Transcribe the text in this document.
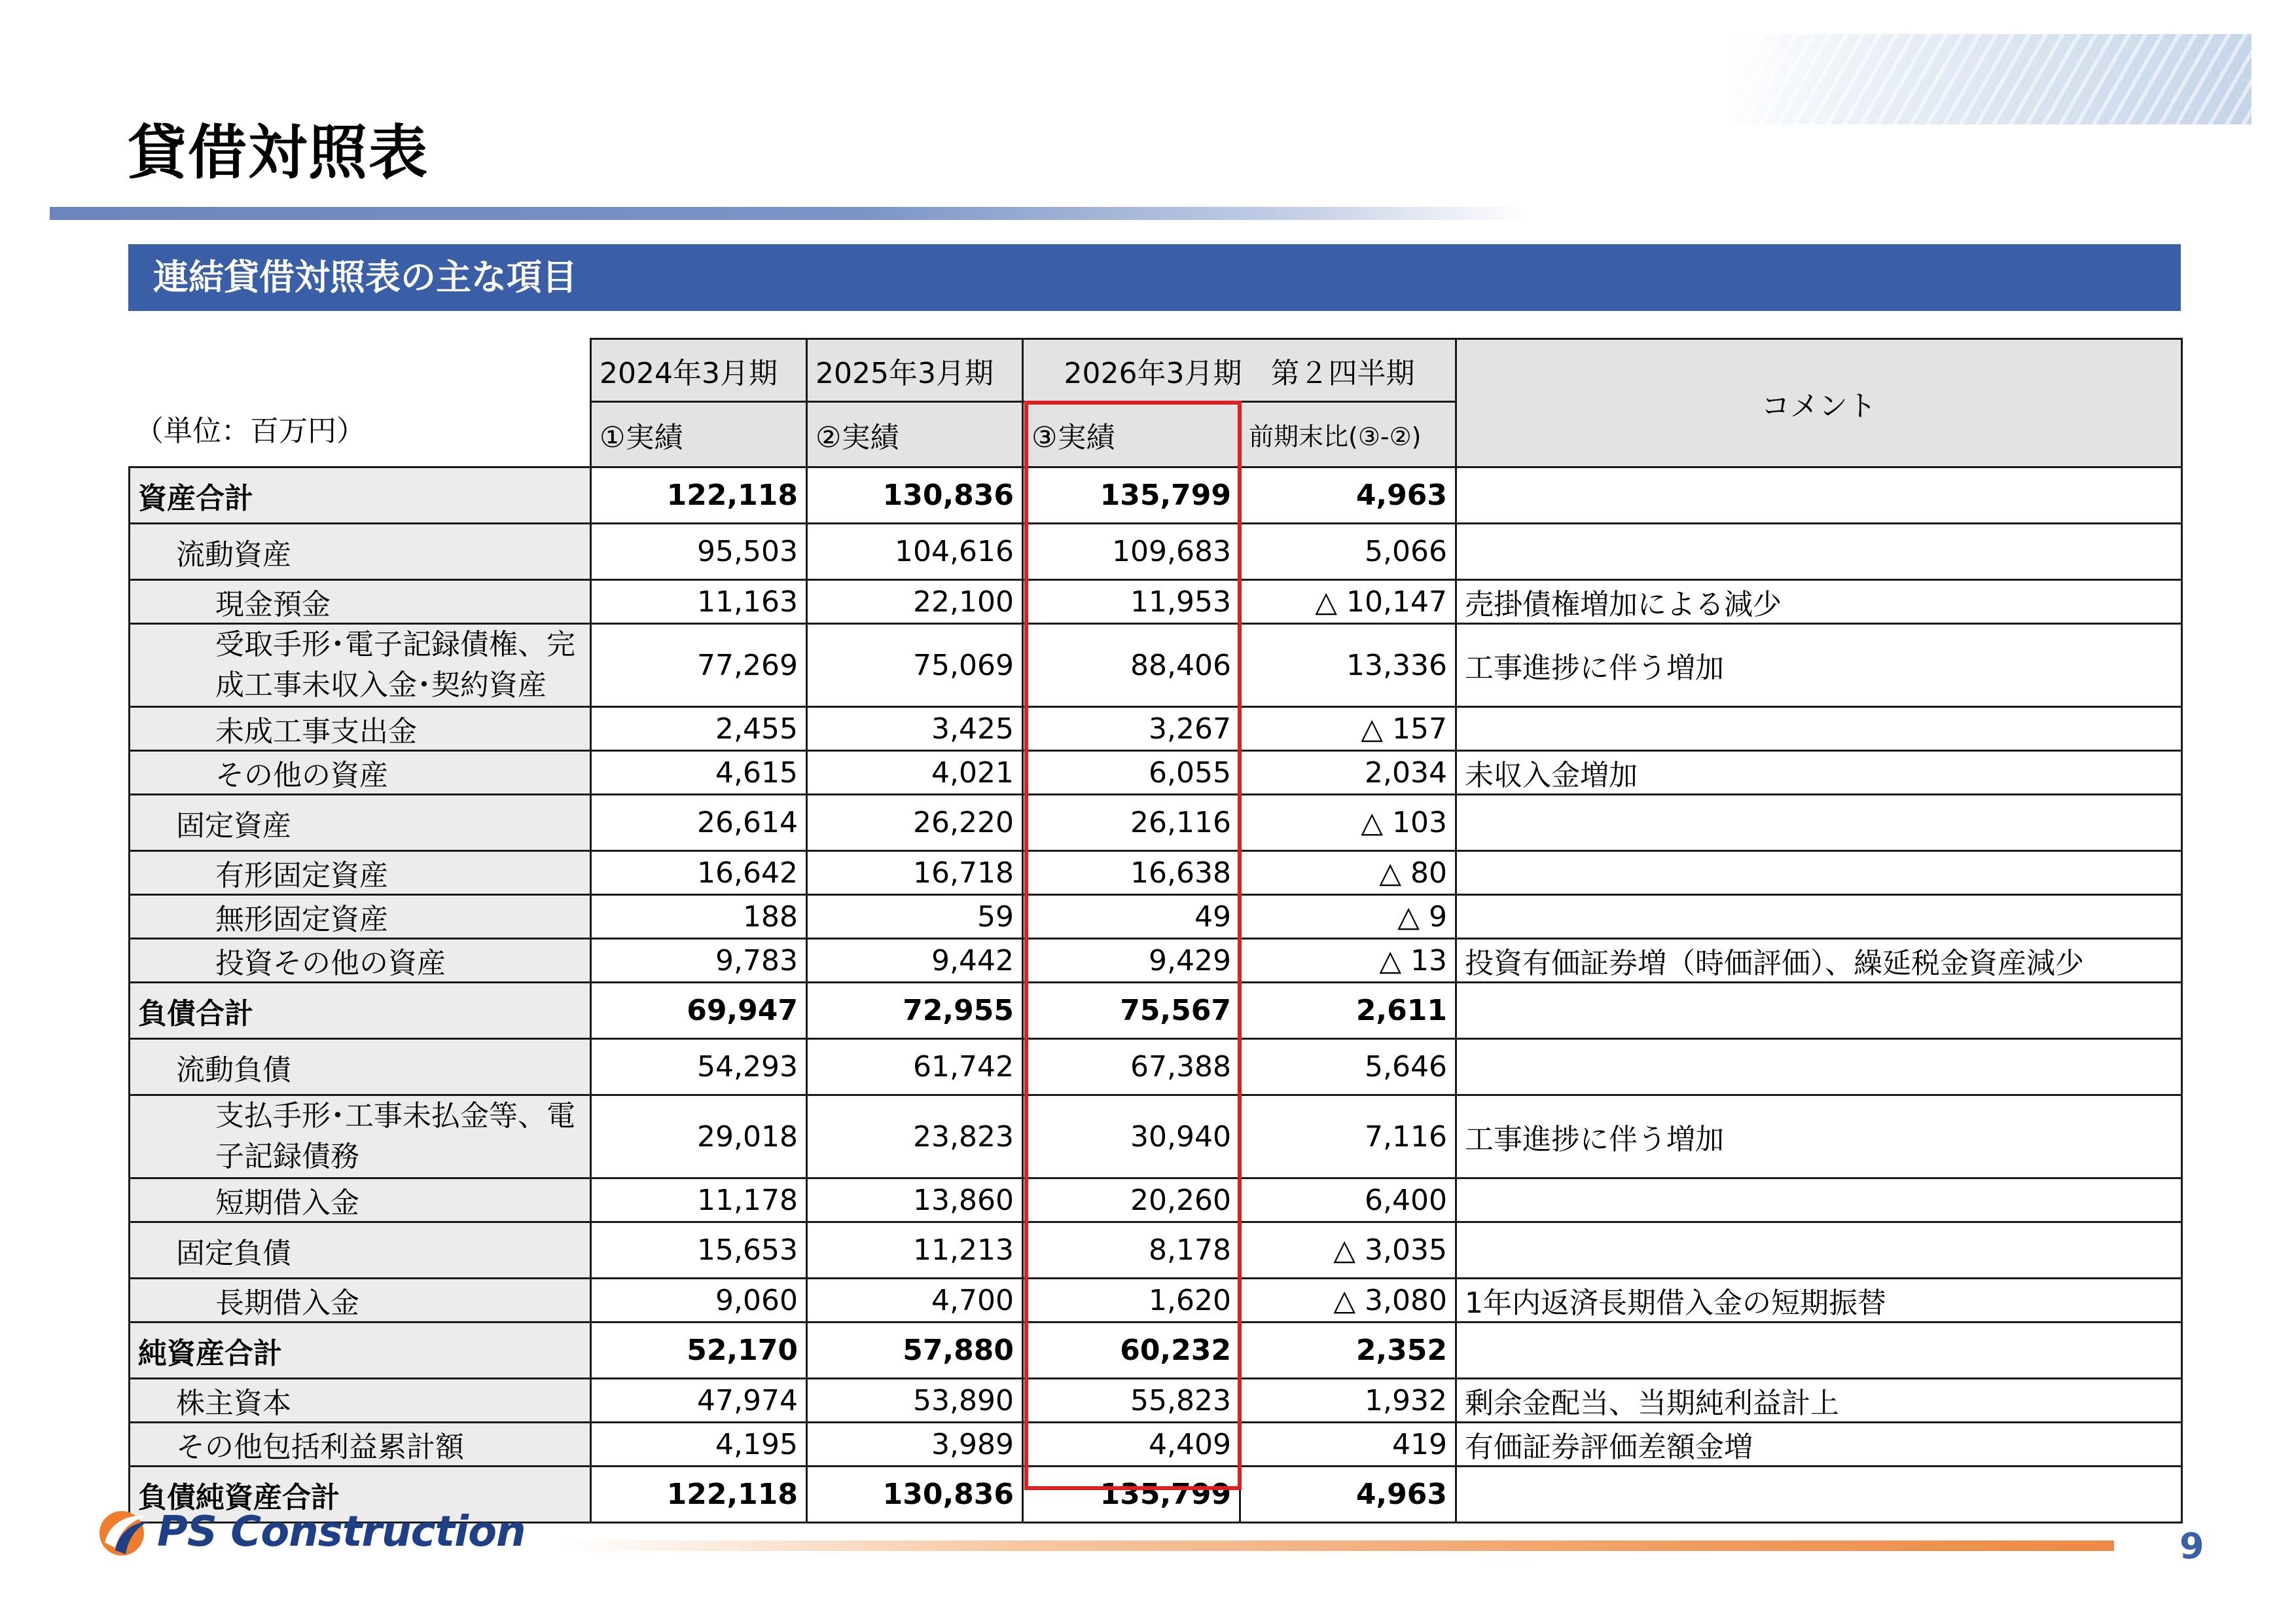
貸借対照表
連結貸借対照表の主な項目
（単位：百万円）
	2024年3月期	2025年3月期	2026年3月期　第２四半期		コメント
	①実績	②実績	③実績	前期末比(③-②)	
資産合計	122,118	130,836	135,799	4,963	
流動資産	95,503	104,616	109,683	5,066	
現金預金	11,163	22,100	11,953	△ 10,147	売掛債権増加による減少
受取手形･電子記録債権、完成工事未収入金･契約資産	77,269	75,069	88,406	13,336	工事進捗に伴う増加
未成工事支出金	2,455	3,425	3,267	△ 157	
その他の資産	4,615	4,021	6,055	2,034	未収入金増加
固定資産	26,614	26,220	26,116	△ 103	
有形固定資産	16,642	16,718	16,638	△ 80	
無形固定資産	188	59	49	△ 9	
投資その他の資産	9,783	9,442	9,429	△ 13	投資有価証券増（時価評価）、繰延税金資産減少
負債合計	69,947	72,955	75,567	2,611	
流動負債	54,293	61,742	67,388	5,646	
支払手形･工事未払金等、電子記録債務	29,018	23,823	30,940	7,116	工事進捗に伴う増加
短期借入金	11,178	13,860	20,260	6,400	
固定負債	15,653	11,213	8,178	△ 3,035	
長期借入金	9,060	4,700	1,620	△ 3,080	1年内返済長期借入金の短期振替
純資産合計	52,170	57,880	60,232	2,352	
株主資本	47,974	53,890	55,823	1,932	剰余金配当、当期純利益計上
その他包括利益累計額	4,195	3,989	4,409	419	有価証券評価差額金増
負債純資産合計	122,118	130,836	135,799	4,963	
PS Construction	9
